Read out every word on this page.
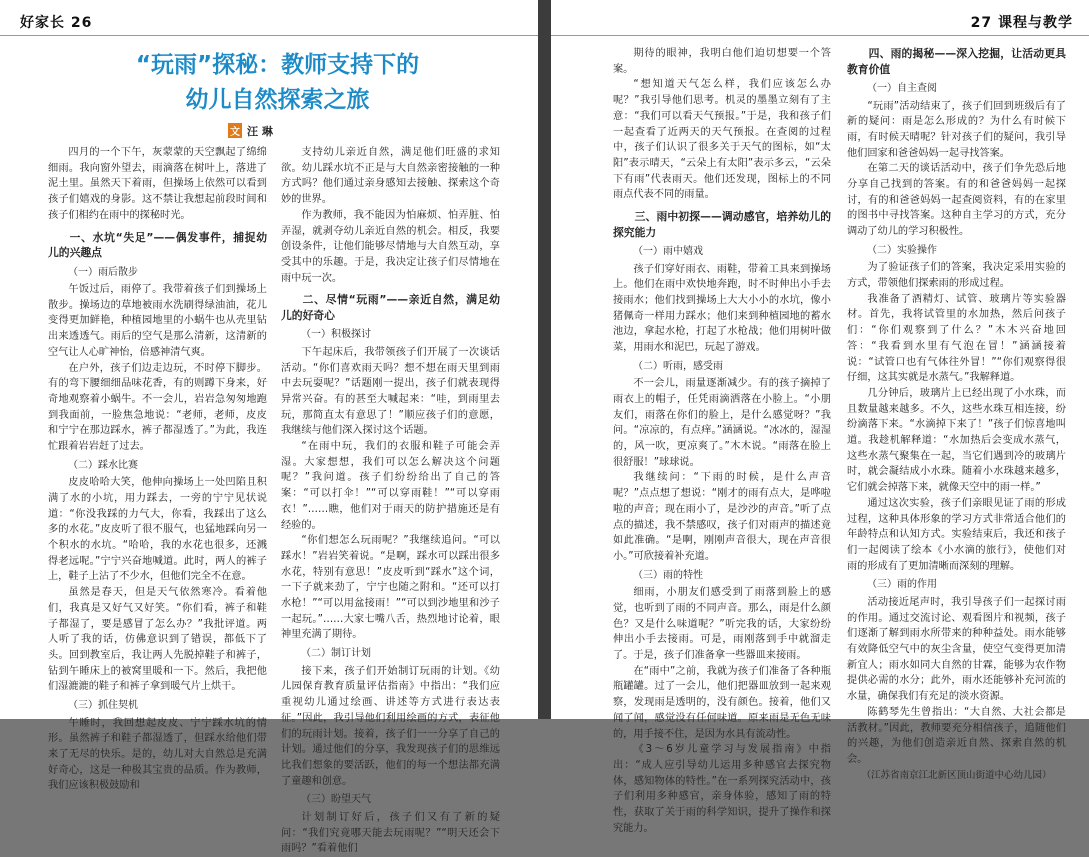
好家长 26
“玩雨”探秘：教师支持下的
幼儿自然探索之旅
文 汪 琳

四月的一个下午，灰蒙蒙的天空飘起了绵绵细雨。我向窗外望去，雨滴落在树叶上，落进了泥土里。虽然天下着雨，但操场上依然可以看到孩子们嬉戏的身影。这不禁让我想起前段时间和孩子们相约在雨中的探秘时光。

一、水坑“失足”——偶发事件，捕捉幼儿的兴趣点
（一）雨后散步

午饭过后，雨停了。我带着孩子们到操场上散步。操场边的草地被雨水洗刷得绿油油，花儿变得更加鲜艳，种植园地里的小蜗牛也从壳里钻出来透透气。雨后的空气是那么清新，这清新的空气让人心旷神怡，倍感神清气爽。

在户外，孩子们边走边玩，不时停下脚步。有的弯下腰细细品味花香，有的则蹲下身来，好奇地观察着小蜗牛。不一会儿，岩岩急匆匆地跑到我面前，一脸焦急地说：“老师，老师，皮皮和宁宁在那边踩水，裤子都湿透了。”为此，我连忙跟着岩岩赶了过去。

（二）踩水比赛

皮皮哈哈大笑，他伸向操场上一处凹陷且积满了水的小坑，用力踩去，一旁的宁宁见状说道：“你没我踩的力气大，你看，我踩出了这么多的水花。”皮皮听了很不服气，也猛地踩向另一个积水的水坑。“哈哈，我的水花也很多，还溅得老远呢。”宁宁兴奋地喊道。此时，两人的裤子上，鞋子上沾了不少水，但他们完全不在意。

虽然是春天，但是天气依然寒冷。看着他们，我真是又好气又好笑。“你们看，裤子和鞋子都湿了，要是感冒了怎么办？”我批评道。两人听了我的话，仿佛意识到了错误，都低下了头。回到教室后，我让两人先脱掉鞋子和裤子，钻到午睡床上的被窝里暖和一下。然后，我把他们湿漉漉的鞋子和裤子拿到暖气片上烘干。

（三）抓住契机

午睡时，我回想起皮皮、宁宁踩水坑的情形。虽然裤子和鞋子都湿透了，但踩水给他们带来了无尽的快乐。是的，幼儿对大自然总是充满好奇心，这是一种极其宝贵的品质。作为教师，我们应该积极鼓励和

支持幼儿亲近自然，满足他们旺盛的求知欲。幼儿踩水坑不正是与大自然亲密接触的一种方式吗？他们通过亲身感知去接触、探索这个奇妙的世界。

作为教师，我不能因为怕麻烦、怕弄脏、怕弄湿，就剥夺幼儿亲近自然的机会。相反，我要创设条件，让他们能够尽情地与大自然互动，享受其中的乐趣。于是，我决定让孩子们尽情地在雨中玩一次。

二、尽情“玩雨”——亲近自然，满足幼儿的好奇心
（一）积极探讨

下午起床后，我带领孩子们开展了一次谈话活动。“你们喜欢雨天吗？想不想在雨天里到雨中去玩耍呢？”话题刚一提出，孩子们就表现得异常兴奋。有的甚至大喊起来：“哇，到雨里去玩，那简直太有意思了！”顺应孩子们的意愿，我继续与他们深入探讨这个话题。

“在雨中玩，我们的衣服和鞋子可能会弄湿。大家想想，我们可以怎么解决这个问题呢？”我问道。孩子们纷纷给出了自己的答案：“可以打伞！”“可以穿雨鞋！”“可以穿雨衣！”……瞧，他们对于雨天的防护措施还是有经验的。

“你们想怎么玩雨呢？”我继续追问。“可以踩水！”岩岩笑着说。“是啊，踩水可以踩出很多水花，特别有意思！”皮皮听到“踩水”这个词，一下子就来劲了，宁宁也随之附和。“还可以打水枪！”“可以用盆接雨！”“可以到沙地里和沙子一起玩。”……大家七嘴八舌，热烈地讨论着，眼神里充满了期待。

（二）制订计划

接下来，孩子们开始制订玩雨的计划。《幼儿园保育教育质量评估指南》中指出：“我们应重视幼儿通过绘画、讲述等方式进行表达表征。”因此，我引导他们利用绘画的方式，表征他们的玩雨计划。接着，孩子们一一分享了自己的计划。通过他们的分享，我发现孩子们的思维远比我们想象的要活跃，他们的每一个想法都充满了童趣和创意。

（三）盼望天气

计划制订好后，孩子们又有了新的疑问：“我们究竟哪天能去玩雨呢？”“明天还会下雨吗？”看着他们

27 课程与教学

期待的眼神，我明白他们迫切想要一个答案。

“想知道天气怎么样，我们应该怎么办呢？”我引导他们思考。机灵的墨墨立刻有了主意：“我们可以看天气预报。”于是，我和孩子们一起查看了近两天的天气预报。在查阅的过程中，孩子们认识了很多关于天气的图标，如“太阳”表示晴天，“云朵上有太阳”表示多云，“云朵下有雨”代表雨天。他们还发现，图标上的不同雨点代表不同的雨量。

三、雨中初探——调动感官，培养幼儿的探究能力
（一）雨中嬉戏

孩子们穿好雨衣、雨鞋，带着工具来到操场上。他们在雨中欢快地奔跑，时不时伸出小手去接雨水；他们找到操场上大大小小的水坑，像小猪佩奇一样用力踩水；他们来到种植园地的蓄水池边，拿起水枪，打起了水枪战；他们用树叶做菜，用雨水和泥巴，玩起了游戏。

（二）听雨，感受雨

不一会儿，雨量逐渐减少。有的孩子摘掉了雨衣上的帽子，任凭雨滴洒落在小脸上。“小朋友们，雨落在你们的脸上，是什么感觉呀？”我问。“凉凉的，有点痒。”涵涵说。“冰冰的，湿湿的，风一吹，更凉爽了。”木木说。“雨落在脸上很舒服！”球球说。

我继续问：“下雨的时候，是什么声音呢？”点点想了想说：“刚才的雨有点大，是哗啦啦的声音；现在雨小了，是沙沙的声音。”听了点点的描述，我不禁感叹，孩子们对雨声的描述竟如此准确。“是啊，刚刚声音很大，现在声音很小。”可欣接着补充道。

（三）雨的特性

细雨，小朋友们感受到了雨落到脸上的感觉，也听到了雨的不同声音。那么，雨是什么颜色？又是什么味道呢？”听完我的话，大家纷纷伸出小手去接雨。可是，雨刚落到手中就溜走了。于是，孩子们准备拿一些器皿来接雨。

在“雨中”之前，我就为孩子们准备了各种瓶瓶罐罐。过了一会儿，他们把器皿放到一起来观察，发现雨是透明的，没有颜色。接着，他们又闻了闻，感觉没有任何味道。原来雨是无色无味的，用手接不住，是因为水具有流动性。

《3～6岁儿童学习与发展指南》中指出：“成人应引导幼儿运用多种感官去探究物体，感知物体的特性。”在一系列探究活动中，孩子们利用多种感官，亲身体验，感知了雨的特性，获取了关于雨的科学知识，提升了操作和探究能力。

四、雨的揭秘——深入挖掘，让活动更具教育价值
（一）自主查阅

“玩雨”活动结束了，孩子们回到班级后有了新的疑问：雨是怎么形成的？为什么有时候下雨，有时候天晴呢？针对孩子们的疑问，我引导他们回家和爸爸妈妈一起寻找答案。

在第二天的谈话活动中，孩子们争先恐后地分享自己找到的答案。有的和爸爸妈妈一起探讨，有的和爸爸妈妈一起查阅资料，有的在家里的图书中寻找答案。这种自主学习的方式，充分调动了幼儿的学习积极性。

（二）实验操作

为了验证孩子们的答案，我决定采用实验的方式，带领他们探索雨的形成过程。

我准备了酒精灯、试管、玻璃片等实验器材。首先，我将试管里的水加热，然后问孩子们：“你们观察到了什么？”木木兴奋地回答：“我看到水里有气泡在冒！”涵涵接着说：“试管口也有气体往外冒！”“你们观察得很仔细，这其实就是水蒸气。”我解释道。

几分钟后，玻璃片上已经出现了小水珠，而且数量越来越多。不久，这些水珠互相连接，纷纷滴落下来。“水滴掉下来了！”孩子们惊喜地叫道。我趁机解释道：“水加热后会变成水蒸气，这些水蒸气聚集在一起，当它们遇到冷的玻璃片时，就会凝结成小水珠。随着小水珠越来越多，它们就会掉落下来，就像天空中的雨一样。”

通过这次实验，孩子们亲眼见证了雨的形成过程，这种具体形象的学习方式非常适合他们的年龄特点和认知方式。实验结束后，我还和孩子们一起阅读了绘本《小水滴的旅行》，使他们对雨的形成有了更加清晰而深刻的理解。

（三）雨的作用

活动接近尾声时，我引导孩子们一起探讨雨的作用。通过交流讨论、观看图片和视频，孩子们逐渐了解到雨水所带来的种种益处。雨水能够有效降低空气中的灰尘含量，使空气变得更加清新宜人；雨水如同大自然的甘霖，能够为农作物提供必需的水分；此外，雨水还能够补充河流的水量，确保我们有充足的淡水资源。

陈鹤琴先生曾指出：“大自然、大社会都是活教材。”因此，教师要充分相信孩子，追随他们的兴趣，为他们创造亲近自然、探索自然的机会。

（江苏省南京江北新区顶山街道中心幼儿园）
